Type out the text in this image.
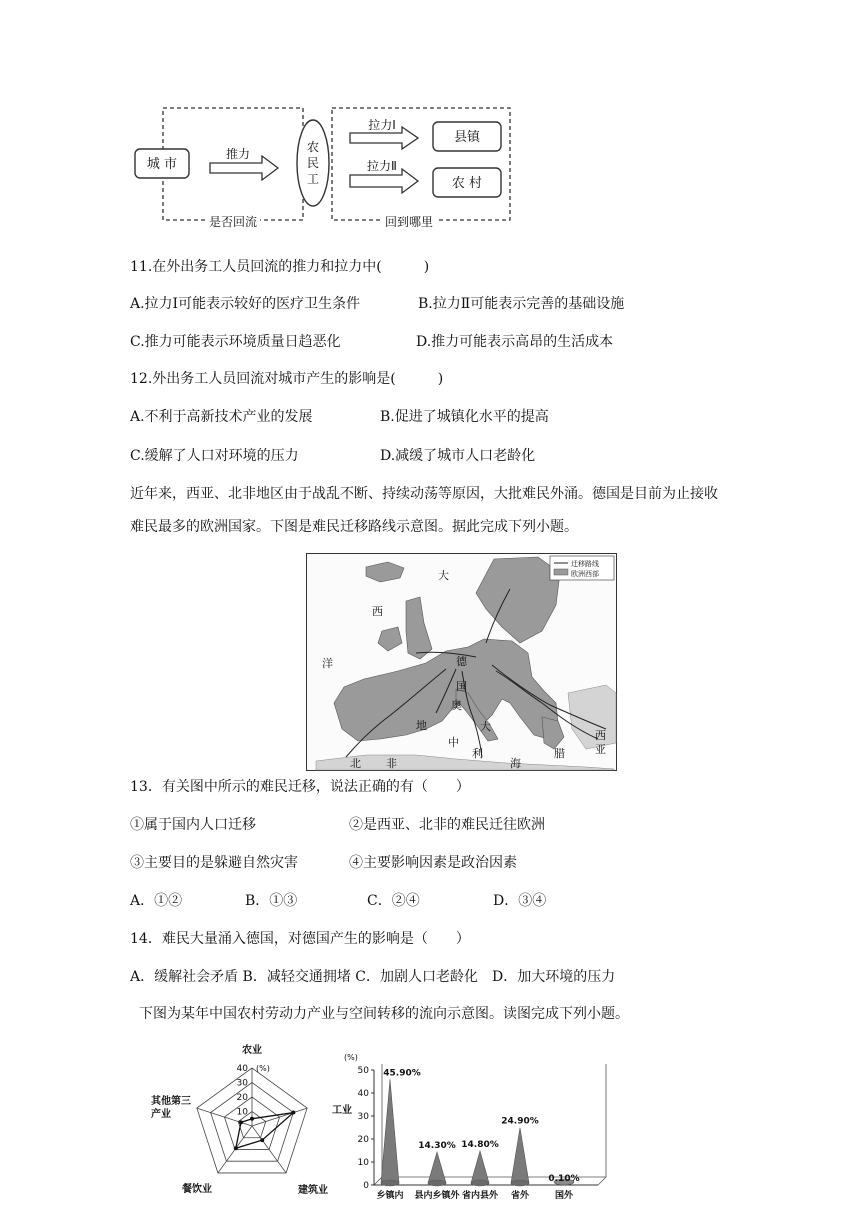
城 市
推力	农
民
工
拉力Ⅰ
拉力Ⅱ
县镇
农 村
是否回流	回到哪里
11.在外出务工人员回流的推力和拉力中(　　　)
A.拉力Ⅰ可能表示较好的医疗卫生条件	B.拉力Ⅱ可能表示完善的基础设施
C.推力可能表示环境质量日趋恶化	D.推力可能表示高昂的生活成本
12.外出务工人员回流对城市产生的影响是(　　　)
A.不利于高新技术产业的发展	B.促进了城镇化水平的提高
C.缓解了人口对环境的压力	D.减缓了城市人口老龄化
近年来，西亚、北非地区由于战乱不断、持续动荡等原因，大批难民外涌。德国是目前为止接收难民最多的欧洲国家。下图是难民迁移路线示意图。据此完成下列小题。
迁移路线
欧洲西部
大
西
洋	德
国
奥
地	大
中
利
海
北 非
西
亚
腊
13．有关图中所示的难民迁移，说法正确的有（　　）
①属于国内人口迁移	②是西亚、北非的难民迁往欧洲
③主要目的是躲避自然灾害	④主要影响因素是政治因素
A．①②	B．①③	C．②④	D．③④
14．难民大量涌入德国，对德国产生的影响是（　　）
A．缓解社会矛盾 B．减轻交通拥堵 C．加剧人口老龄化　D．加大环境的压力
下图为某年中国农村劳动力产业与空间转移的流向示意图。读图完成下列小题。
10
20
30
40 (%)
农业
工业
建筑业
餐饮业
其他第三
产业
0
10
20
30
40
50
(%)
45.90%
乡镇内
14.30%
县内乡镇外
14.80%
省内县外
24.90%
省外
0.10%
国外
